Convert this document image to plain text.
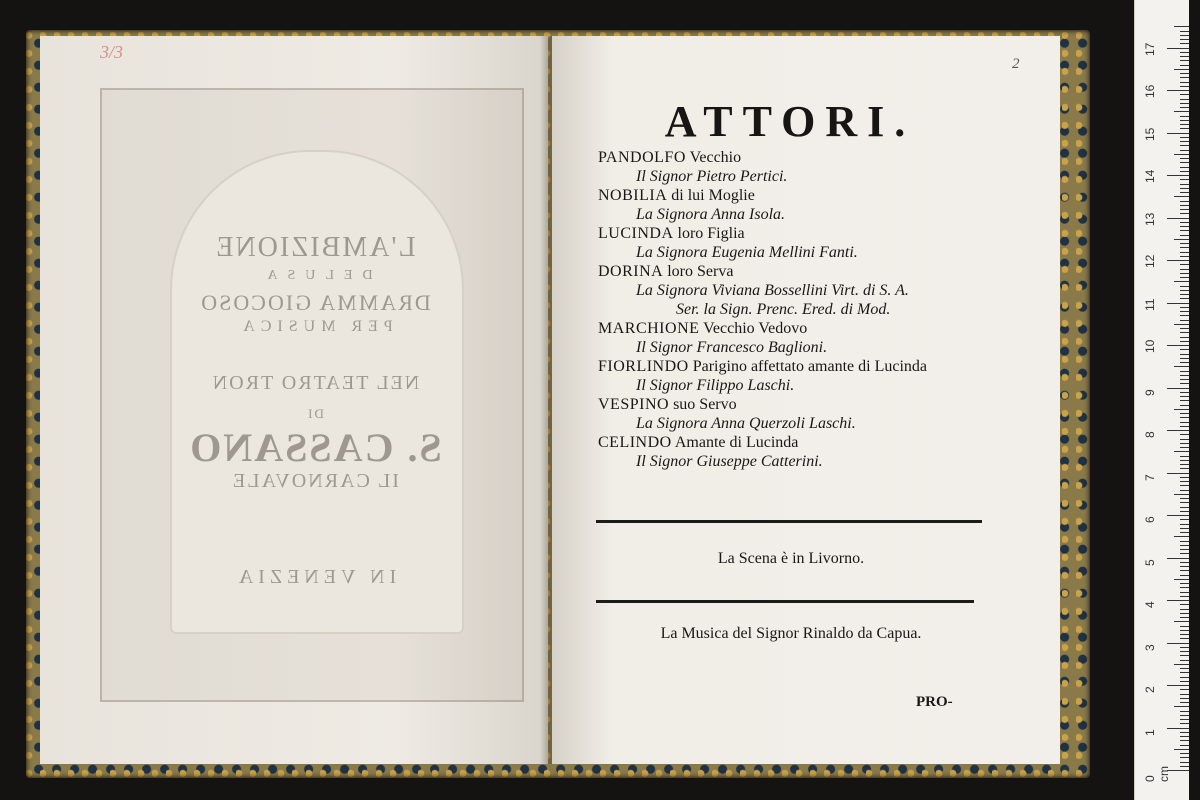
3/3
L'AMBIZIONE
DELUSA
DRAMMA GIOCOSO
PER MUSICA
NEL TEATRO TRON
DI
S. CASSANO
IL CARNOVALE
IN VENEZIA
2
ATTORI.
PANDOLFO Vecchio
Il Signor Pietro Pertici.
NOBILIA di lui Moglie
La Signora Anna Isola.
LUCINDA loro Figlia
La Signora Eugenia Mellini Fanti.
DORINA loro Serva
La Signora Viviana Bossellini Virt. di S. A.
Ser. la Sign. Prenc. Ered. di Mod.
MARCHIONE Vecchio Vedovo
Il Signor Francesco Baglioni.
FIORLINDO Parigino affettato amante di Lucinda
Il Signor Filippo Laschi.
VESPINO suo Servo
La Signora Anna Querzoli Laschi.
CELINDO Amante di Lucinda
Il Signor Giuseppe Catterini.
La Scena è in Livorno.
La Musica del Signor Rinaldo da Capua.
PRO-
0 cm
1
2
3
4
5
6
7
8
9
10
11
12
13
14
15
16
17
